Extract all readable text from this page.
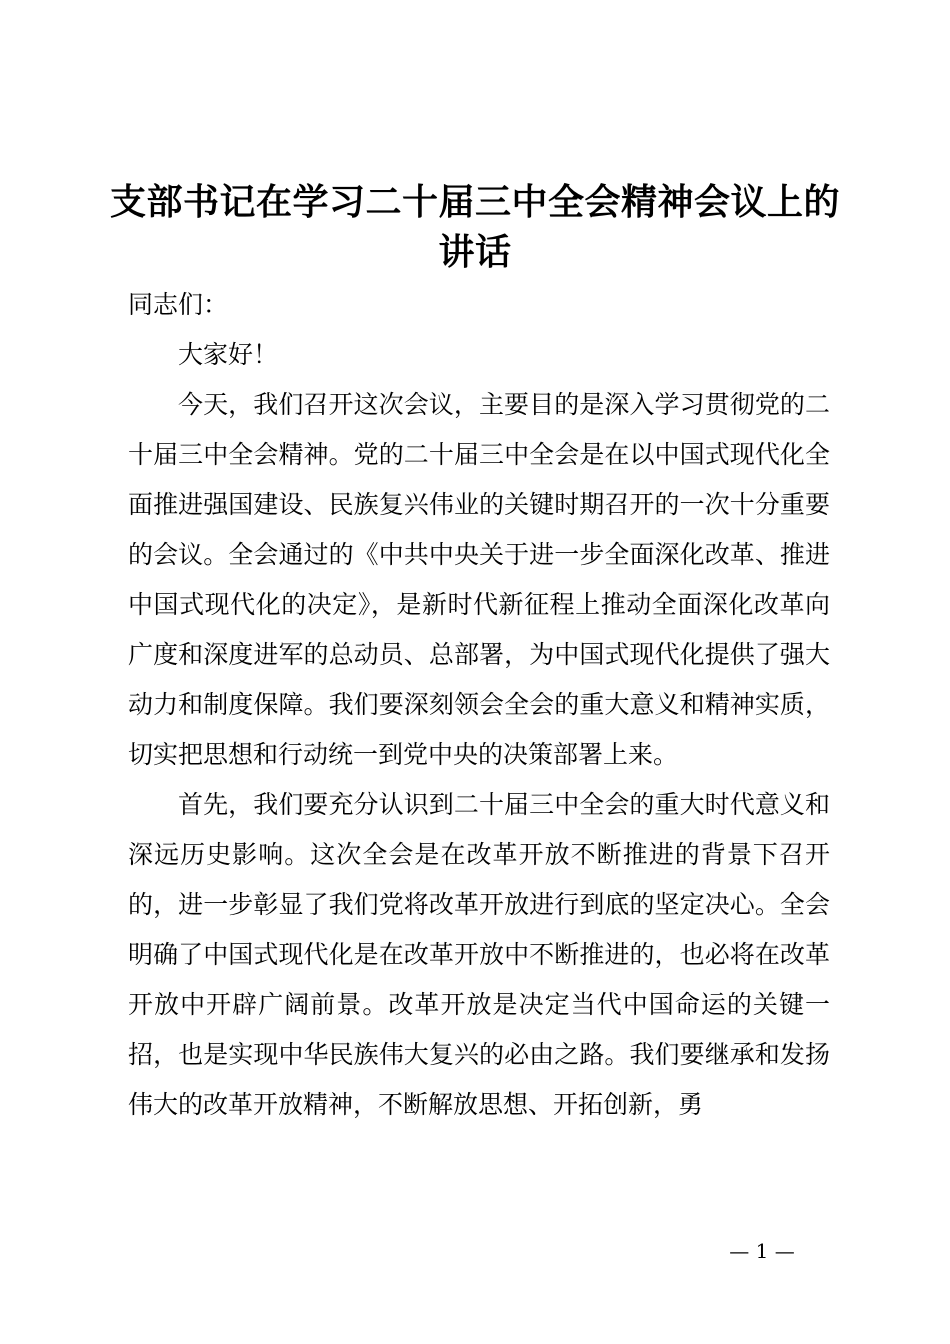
支部书记在学习二十届三中全会精神会议上的
讲话

同志们：

大家好！

今天，我们召开这次会议，主要目的是深入学习贯彻党的二十届三中全会精神。党的二十届三中全会是在以中国式现代化全面推进强国建设、民族复兴伟业的关键时期召开的一次十分重要的会议。全会通过的《中共中央关于进一步全面深化改革、推进中国式现代化的决定》，是新时代新征程上推动全面深化改革向广度和深度进军的总动员、总部署，为中国式现代化提供了强大动力和制度保障。我们要深刻领会全会的重大意义和精神实质，切实把思想和行动统一到党中央的决策部署上来。

首先，我们要充分认识到二十届三中全会的重大时代意义和深远历史影响。这次全会是在改革开放不断推进的背景下召开的，进一步彰显了我们党将改革开放进行到底的坚定决心。全会明确了中国式现代化是在改革开放中不断推进的，也必将在改革开放中开辟广阔前景。改革开放是决定当代中国命运的关键一招，也是实现中华民族伟大复兴的必由之路。我们要继承和发扬伟大的改革开放精神，不断解放思想、开拓创新，勇

— 1 —
